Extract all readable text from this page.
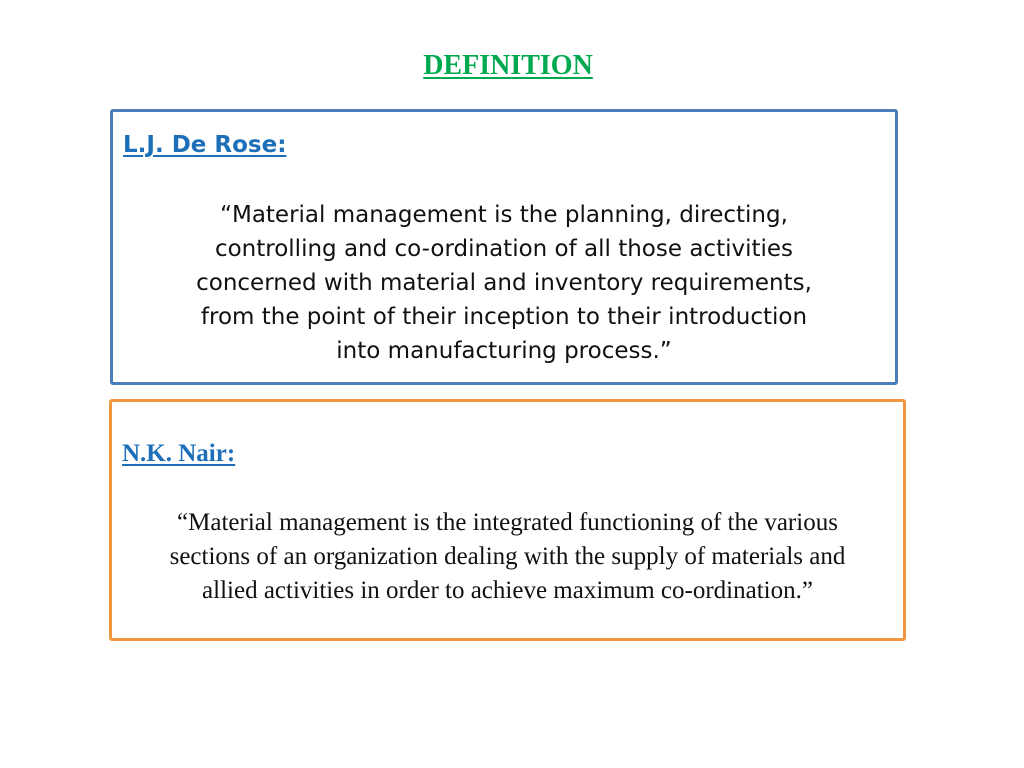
DEFINITION
L.J. De Rose:
“Material management is the planning, directing,
controlling and co-ordination of all those activities
concerned with material and inventory requirements,
from the point of their inception to their introduction
into manufacturing process.”
N.K. Nair:
“Material management is the integrated functioning of the various
sections of an organization dealing with the supply of materials and
allied activities in order to achieve maximum co-ordination.”
